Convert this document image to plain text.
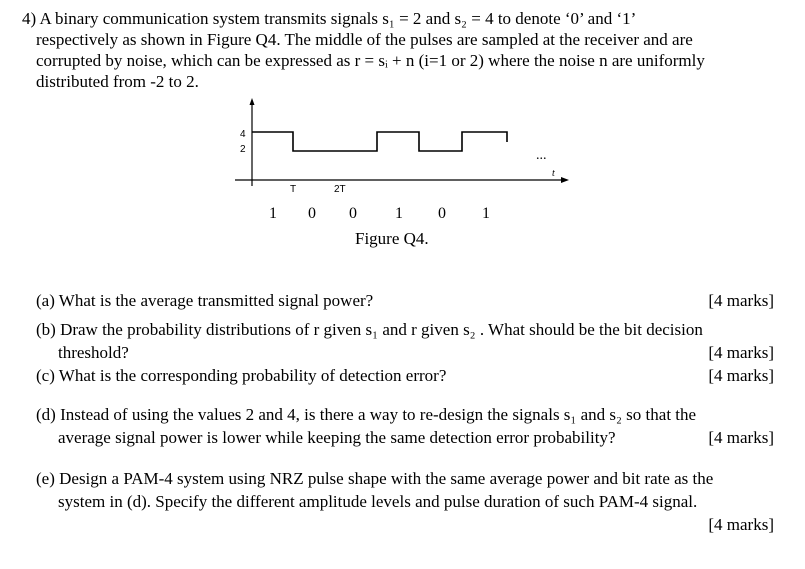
4) A binary communication system transmits signals s₁ = 2 and s₂ = 4 to denote ‘0’ and ‘1’
respectively as shown in Figure Q4. The middle of the pulses are sampled at the receiver and are
corrupted by noise, which can be expressed as r = sᵢ + n (i=1 or 2) where the noise n are uniformly
distributed from -2 to 2.
4
2
T	2T
t
...
1 0 0 1 0 1
Figure Q4.
(a) What is the average transmitted signal power?	[4 marks]
(b) Draw the probability distributions of r given s₁ and r given s₂ . What should be the bit decision
threshold?	[4 marks]
(c) What is the corresponding probability of detection error?	[4 marks]
(d) Instead of using the values 2 and 4, is there a way to re-design the signals s₁ and s₂ so that the
average signal power is lower while keeping the same detection error probability?	[4 marks]
(e) Design a PAM-4 system using NRZ pulse shape with the same average power and bit rate as the
system in (d). Specify the different amplitude levels and pulse duration of such PAM-4 signal.
[4 marks]
